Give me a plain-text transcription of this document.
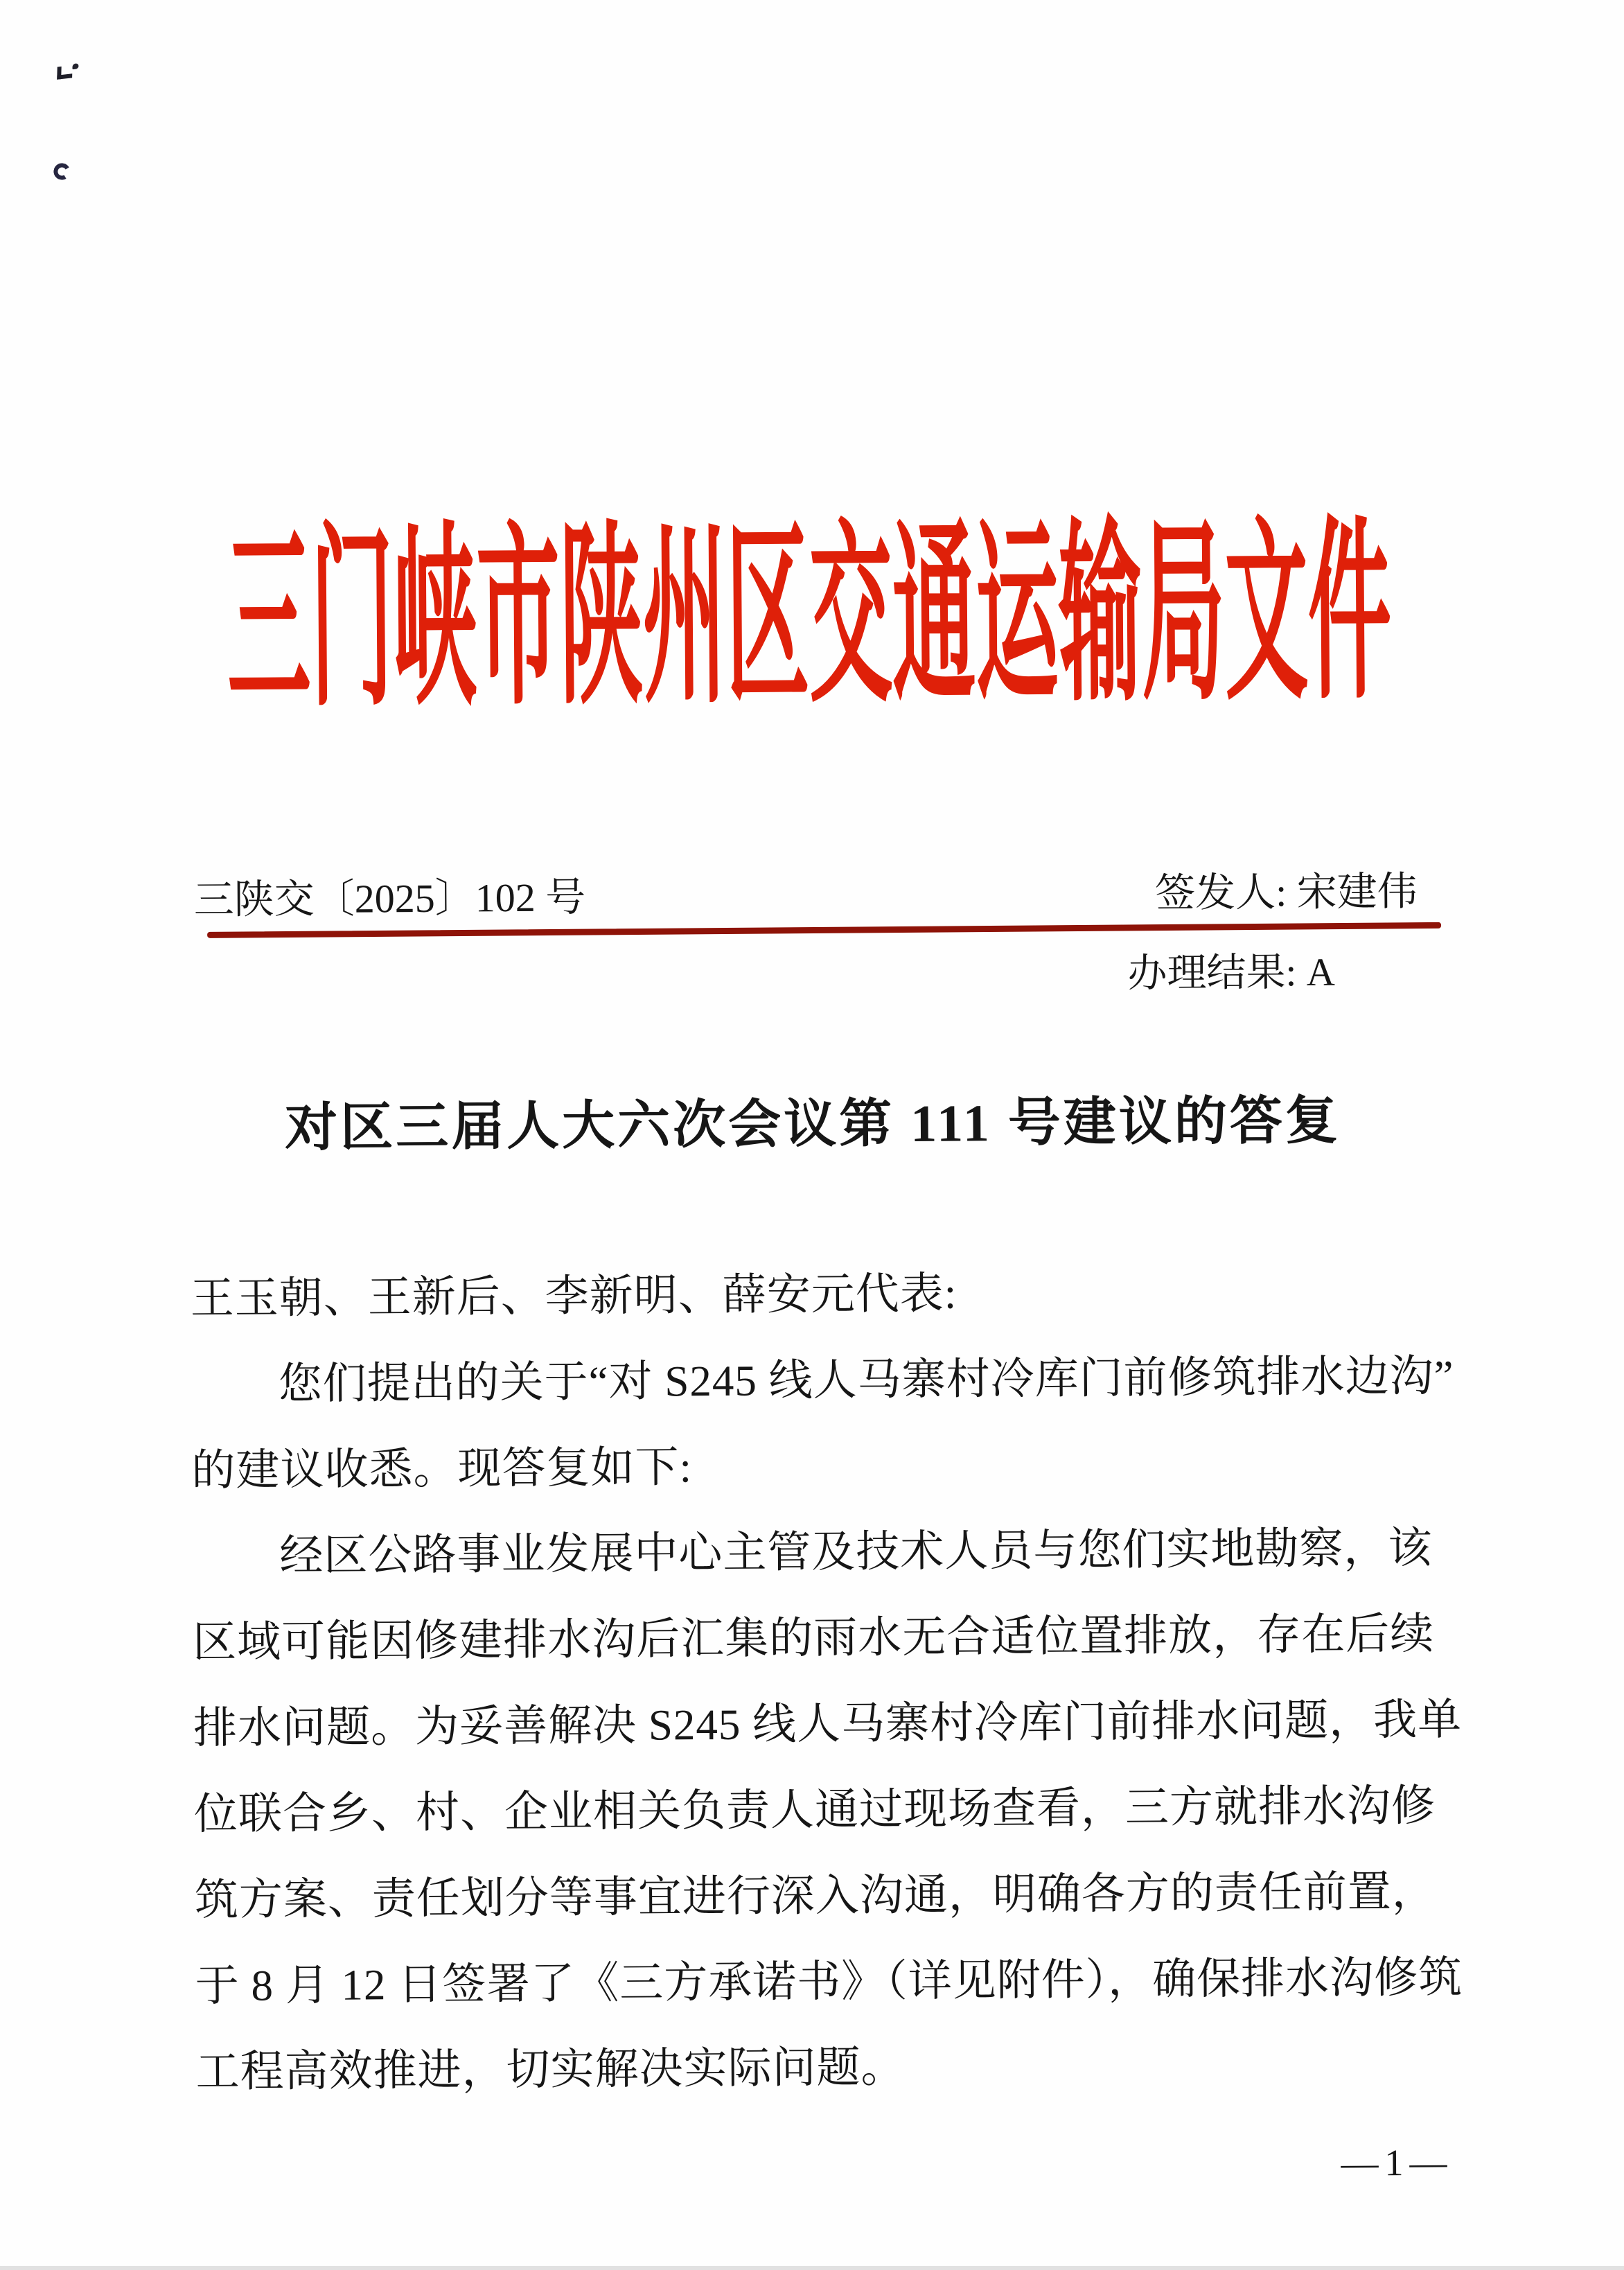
三门峡市陕州区交通运输局文件
三陕交〔2025〕102 号	签发人: 宋建伟
办理结果: A
对区三届人大六次会议第 111 号建议的答复
王玉朝、王新后、李新明、薛安元代表:
您们提出的关于“对 S245 线人马寨村冷库门前修筑排水边沟”
的建议收悉。现答复如下:
经区公路事业发展中心主管及技术人员与您们实地勘察，该
区域可能因修建排水沟后汇集的雨水无合适位置排放，存在后续
排水问题。为妥善解决 S245 线人马寨村冷库门前排水问题，我单
位联合乡、村、企业相关负责人通过现场查看，三方就排水沟修
筑方案、责任划分等事宜进行深入沟通，明确各方的责任前置，
于 8 月 12 日签署了《三方承诺书》（详见附件），确保排水沟修筑
工程高效推进，切实解决实际问题。
—1—
